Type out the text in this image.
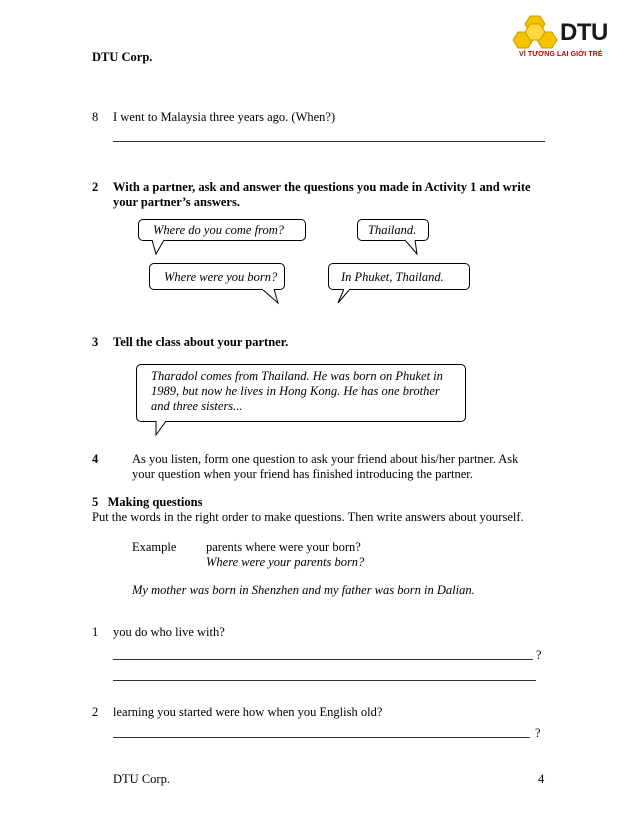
DTU Corp.
DTU
VÌ TƯƠNG LAI GIỚI TRẺ
8 I went to Malaysia three years ago. (When?)
2 With a partner, ask and answer the questions you made in Activity 1 and write
your partner’s answers.
Where do you come from?	Thailand.
Where were you born?	In Phuket, Thailand.
3 Tell the class about your partner.
Tharadol comes from Thailand. He was born on Phuket in
1989, but now he lives in Hong Kong. He has one brother
and three sisters...
4	As you listen, form one question to ask your friend about his/her partner. Ask
your question when your friend has finished introducing the partner.
5   Making questions
Put the words in the right order to make questions. Then write answers about yourself.
Example parents where were your born?
Where were your parents born?
My mother was born in Shenzhen and my father was born in Dalian.
1 you do who live with?
?
2 learning you started were how when you English old?
?
DTU Corp.	4
